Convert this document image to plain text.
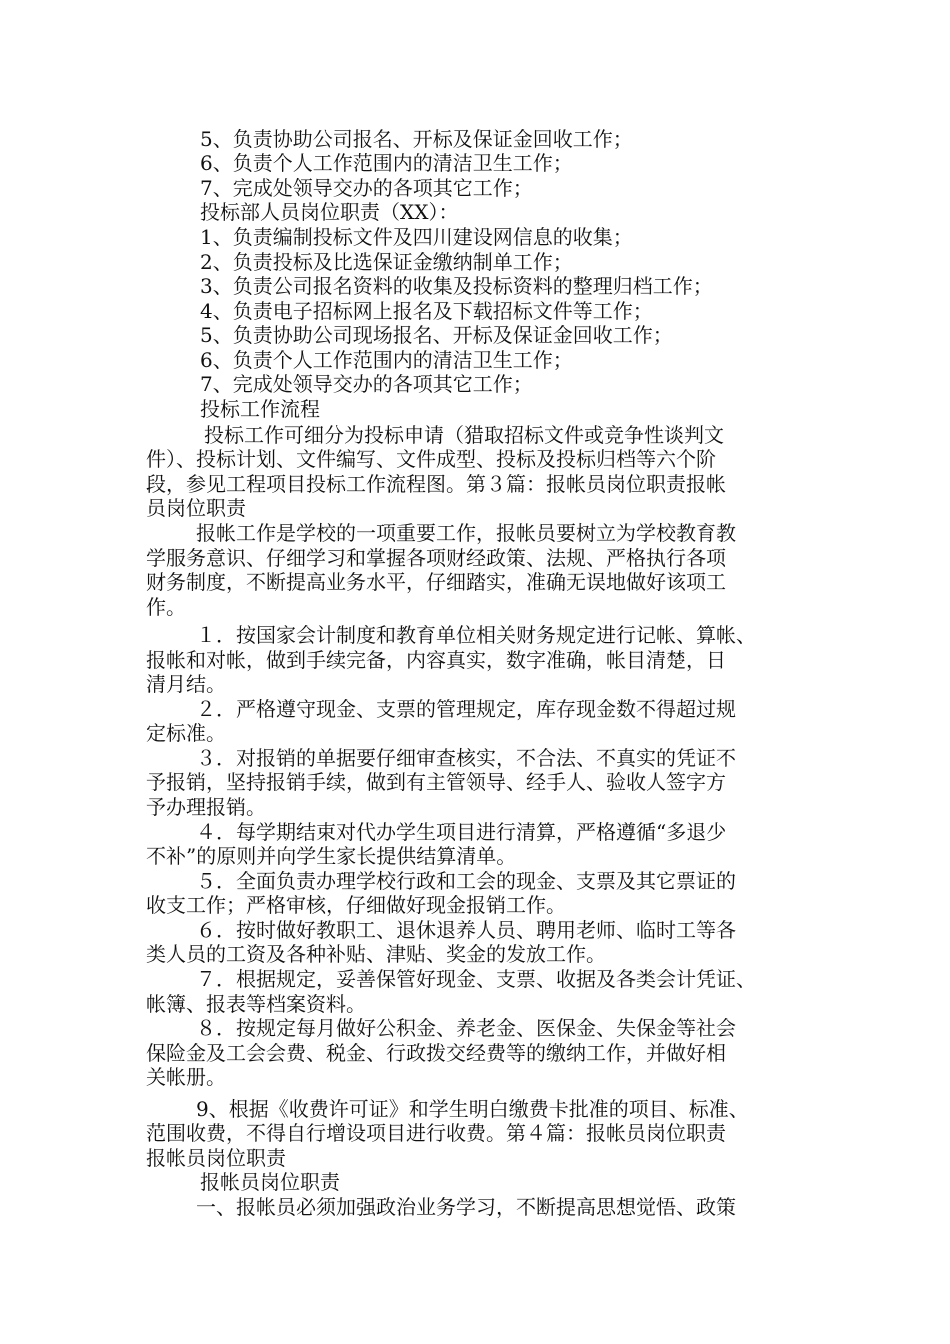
5、负责协助公司报名、开标及保证金回收工作；

6、负责个人工作范围内的清洁卫生工作；

7、完成处领导交办的各项其它工作；

投标部人员岗位职责（XX）：

1、负责编制投标文件及四川建设网信息的收集；

2、负责投标及比选保证金缴纳制单工作；

3、负责公司报名资料的收集及投标资料的整理归档工作；

4、负责电子招标网上报名及下载招标文件等工作；

5、负责协助公司现场报名、开标及保证金回收工作；

6、负责个人工作范围内的清洁卫生工作；

7、完成处领导交办的各项其它工作；

投标工作流程

投标工作可细分为投标申请（猎取招标文件或竞争性谈判文

件）、投标计划、文件编写、文件成型、投标及投标归档等六个阶

段，参见工程项目投标工作流程图。第３篇：报帐员岗位职责报帐

员岗位职责

报帐工作是学校的一项重要工作，报帐员要树立为学校教育教

学服务意识、仔细学习和掌握各项财经政策、法规、严格执行各项

财务制度，不断提高业务水平，仔细踏实，准确无误地做好该项工

作。

１．按国家会计制度和教育单位相关财务规定进行记帐、算帐、

报帐和对帐，做到手续完备，内容真实，数字准确，帐目清楚，日

清月结。

２．严格遵守现金、支票的管理规定，库存现金数不得超过规

定标准。

３．对报销的单据要仔细审查核实，不合法、不真实的凭证不

予报销，坚持报销手续，做到有主管领导、经手人、验收人签字方

予办理报销。

４．每学期结束对代办学生项目进行清算，严格遵循“多退少

不补”的原则并向学生家长提供结算清单。

５．全面负责办理学校行政和工会的现金、支票及其它票证的

收支工作；严格审核，仔细做好现金报销工作。

６．按时做好教职工、退休退养人员、聘用老师、临时工等各

类人员的工资及各种补贴、津贴、奖金的发放工作。

７．根据规定，妥善保管好现金、支票、收据及各类会计凭证、

帐簿、报表等档案资料。

８．按规定每月做好公积金、养老金、医保金、失保金等社会

保险金及工会会费、税金、行政拨交经费等的缴纳工作，并做好相

关帐册。

9、根据《收费许可证》和学生明白缴费卡批准的项目、标准、

范围收费，不得自行增设项目进行收费。第４篇：报帐员岗位职责

报帐员岗位职责

报帐员岗位职责

一、报帐员必须加强政治业务学习，不断提高思想觉悟、政策
